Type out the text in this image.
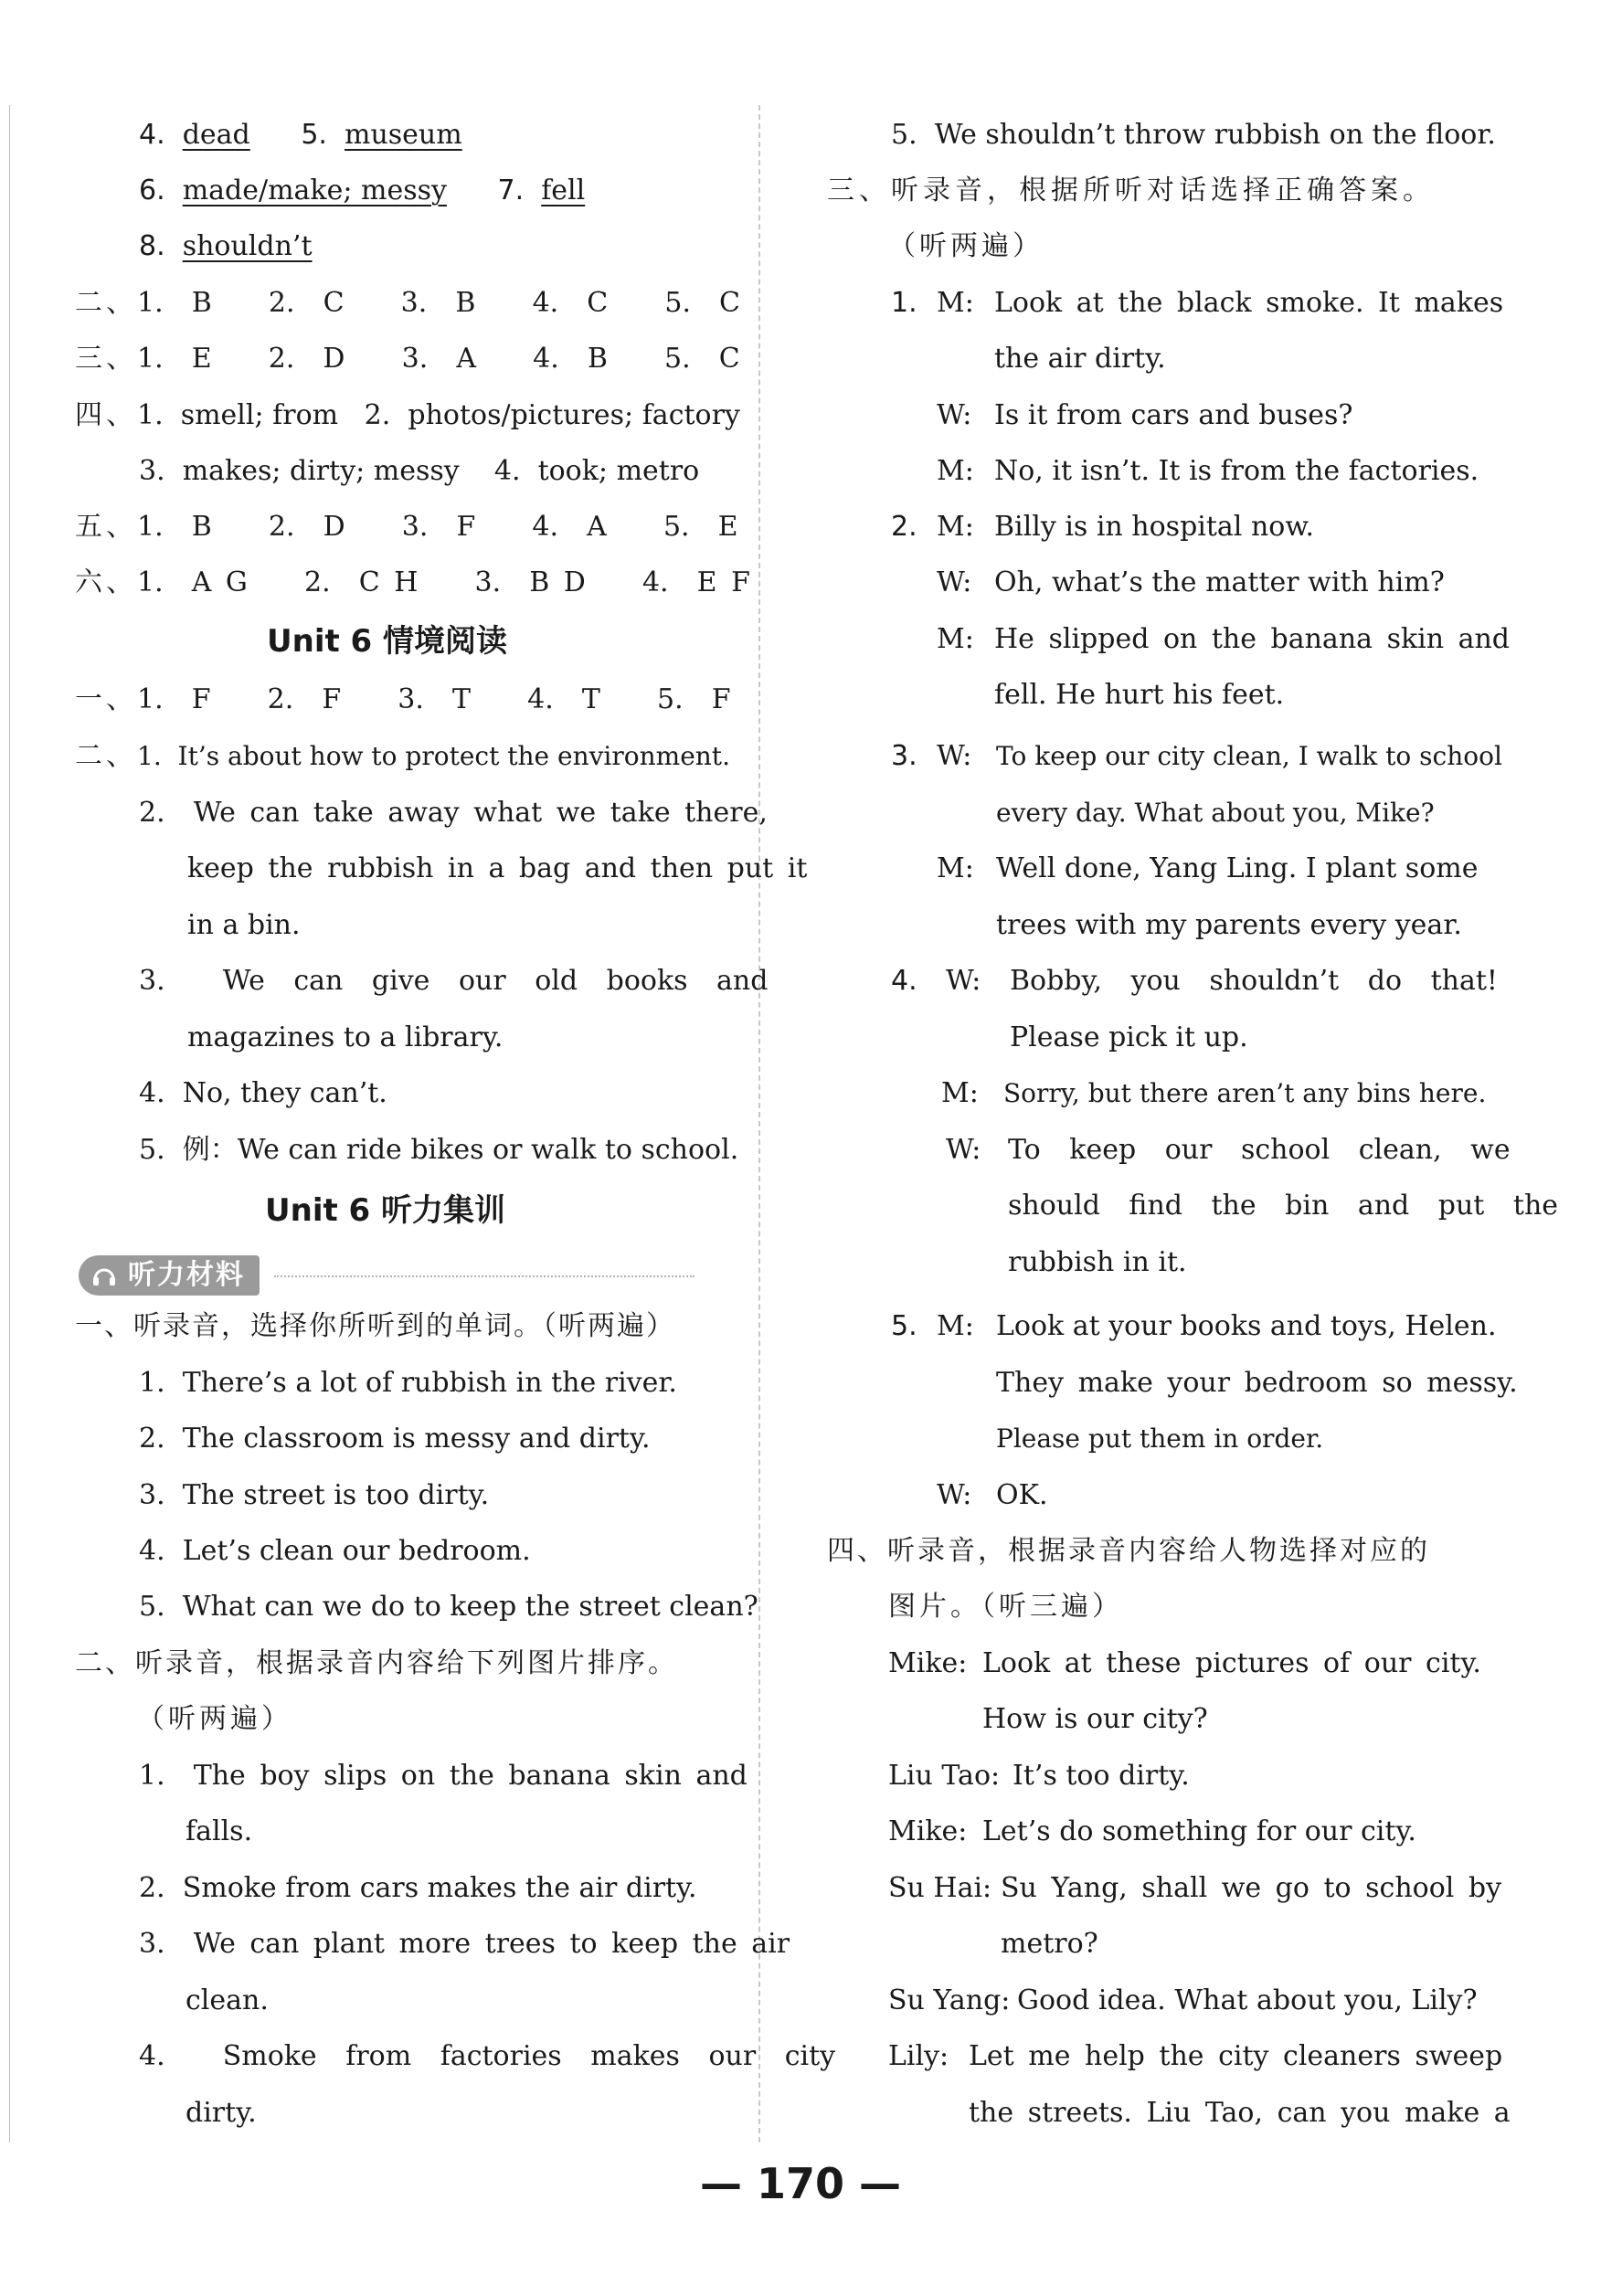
4. dead 5. museum
6. made/make; messy 7. fell
8. shouldn’t
二、1.  B    2.  C    3.  B    4.  C    5.  C
三、1.  E    2.  D    3.  A    4.  B    5.  C
四、1.  smell; from   2.  photos/pictures; factory
3.  makes; dirty; messy    4.  took; metro
五、1.  B    2.  D    3.  F    4.  A    5.  E
六、1.  A G    2.  C H    3.  B D    4.  E F
Unit 6 情境阅读
一、1.  F    2.  F    3.  T    4.  T    5.  F
二、1.  It’s about how to protect the environment.
2.  We can take away what we take there,
keep the rubbish in a bag and then put it
in a bin.
3.  We can give our old books and
magazines to a library.
4.  No, they can’t.
5.  例：We can ride bikes or walk to school.
Unit 6 听力集训
听力材料
一、听录音，选择你所听到的单词。（听两遍）
1.  There’s a lot of rubbish in the river.
2.  The classroom is messy and dirty.
3.  The street is too dirty.
4.  Let’s clean our bedroom.
5.  What can we do to keep the street clean?
二、听录音，根据录音内容给下列图片排序。
（听两遍）
1.  The boy slips on the banana skin and
falls.
2.  Smoke from cars makes the air dirty.
3.  We can plant more trees to keep the air
clean.
4.  Smoke from factories makes our city
dirty.
5.  We shouldn’t throw rubbish on the floor.
三、听录音，根据所听对话选择正确答案。
（听两遍）
1. M: Look at the black smoke. It makes
the air dirty.
W: Is it from cars and buses?
M: No, it isn’t. It is from the factories.
2. M: Billy is in hospital now.
W: Oh, what’s the matter with him?
M: He slipped on the banana skin and
fell. He hurt his feet.
3. W: To keep our city clean, I walk to school
every day. What about you, Mike?
M: Well done, Yang Ling. I plant some
trees with my parents every year.
4. W: Bobby, you shouldn’t do that!
Please pick it up.
M: Sorry, but there aren’t any bins here.
W: To keep our school clean, we
should find the bin and put the
rubbish in it.
5. M: Look at your books and toys, Helen.
They make your bedroom so messy.
Please put them in order.
W: OK.
四、听录音，根据录音内容给人物选择对应的
图片。（听三遍）
Mike: Look at these pictures of our city.
How is our city?
Liu Tao: It’s too dirty.
Mike: Let’s do something for our city.
Su Hai: Su Yang, shall we go to school by
metro?
Su Yang: Good idea. What about you, Lily?
Lily: Let me help the city cleaners sweep
the streets. Liu Tao, can you make a
— 170 —
